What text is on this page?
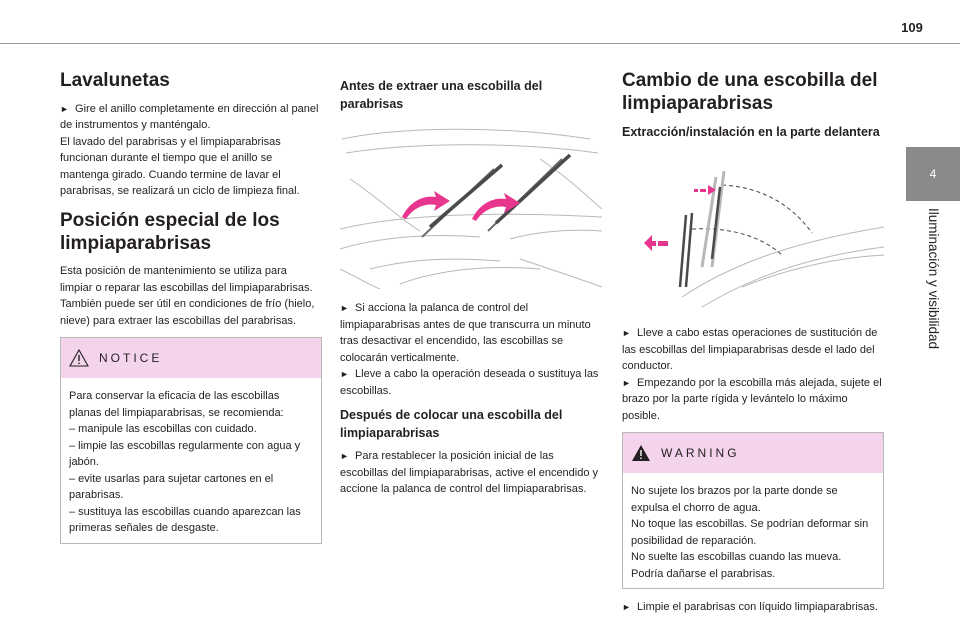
109
4
Iluminación y visibilidad
Lavalunetas

► Gire el anillo completamente en dirección al panel de instrumentos y manténgalo.
El lavado del parabrisas y el limpiaparabrisas funcionan durante el tiempo que el anillo se mantenga girado. Cuando termine de lavar el parabrisas, se realizará un ciclo de limpieza final.

Posición especial de los limpiaparabrisas

Esta posición de mantenimiento se utiliza para limpiar o reparar las escobillas del limpiaparabrisas. También puede ser útil en condiciones de frío (hielo, nieve) para extraer las escobillas del parabrisas.

NOTICE

Para conservar la eficacia de las escobillas planas del limpiaparabrisas, se recomienda:

– manipule las escobillas con cuidado.

– limpie las escobillas regularmente con agua y jabón.

– evite usarlas para sujetar cartones en el parabrisas.

– sustituya las escobillas cuando aparezcan las primeras señales de desgaste.

Antes de extraer una escobilla del parabrisas

► Si acciona la palanca de control del limpiaparabrisas antes de que transcurra un minuto tras desactivar el encendido, las escobillas se colocarán verticalmente.
► Lleve a cabo la operación deseada o sustituya las escobillas.

Después de colocar una escobilla del limpiaparabrisas

► Para restablecer la posición inicial de las escobillas del limpiaparabrisas, active el encendido y accione la palanca de control del limpiaparabrisas.

Cambio de una escobilla del limpiaparabrisas
Extracción/instalación en la parte delantera

► Lleve a cabo estas operaciones de sustitución de las escobillas del limpiaparabrisas desde el lado del conductor.
► Empezando por la escobilla más alejada, sujete el brazo por la parte rígida y levántelo lo máximo posible.

WARNING

No sujete los brazos por la parte donde se expulsa el chorro de agua.

No toque las escobillas. Se podrían deformar sin posibilidad de reparación.

No suelte las escobillas cuando las mueva. Podría dañarse el parabrisas.

► Limpie el parabrisas con líquido limpiaparabrisas.
